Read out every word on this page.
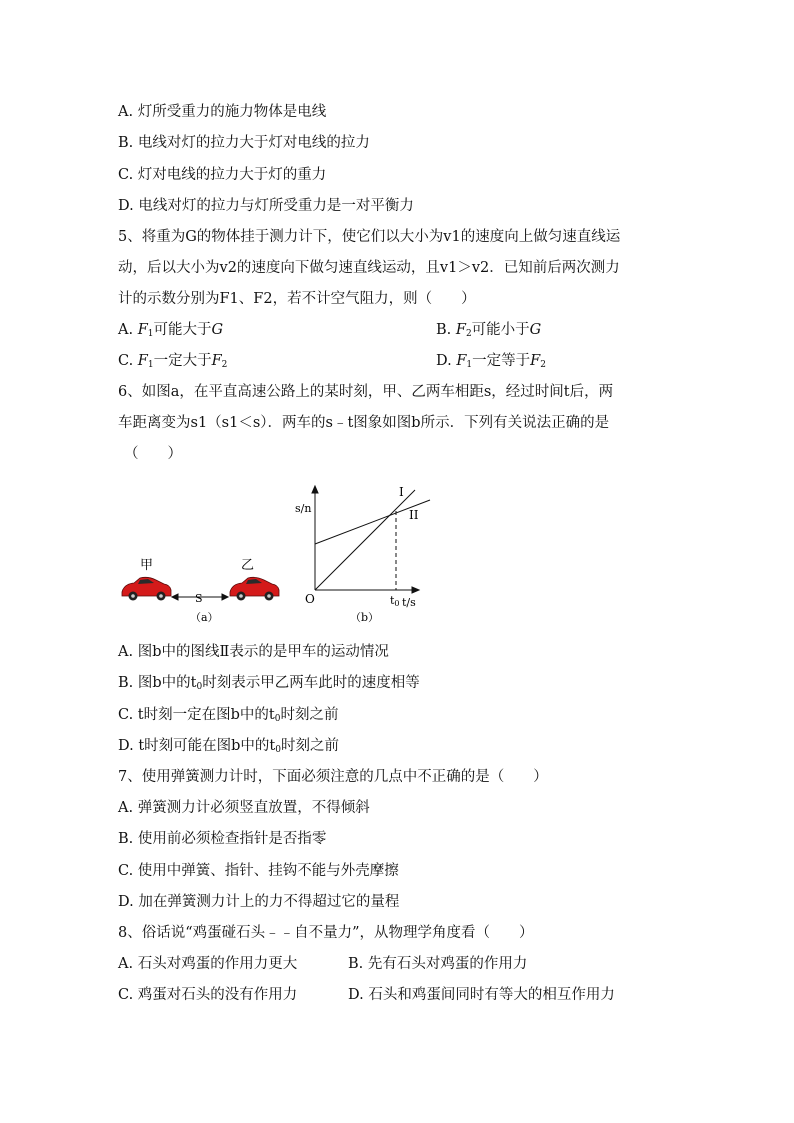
A. 灯所受重力的施力物体是电线
B. 电线对灯的拉力大于灯对电线的拉力
C. 灯对电线的拉力大于灯的重力
D. 电线对灯的拉力与灯所受重力是一对平衡力
5、将重为G的物体挂于测力计下，使它们以大小为v1的速度向上做匀速直线运
动，后以大小为v2的速度向下做匀速直线运动，且v1＞v2．已知前后两次测力
计的示数分别为F1、F2，若不计空气阻力，则（　　）
A. $F_1$可能大于G	B. $F_2$可能小于G
C. $F_1$一定大于$F_2$	D. $F_1$一定等于$F_2$
6、如图a，在平直高速公路上的某时刻，甲、乙两车相距s，经过时间t后，两
车距离变为s1（s1＜s）．两车的s﹣t图象如图b所示．下列有关说法正确的是
（　　）
甲	乙
S
（a）
s/n
t/s
O	t0
I
II
（b）
A. 图b中的图线Ⅱ表示的是甲车的运动情况
B. 图b中的$t_0$时刻表示甲乙两车此时的速度相等
C. t时刻一定在图b中的$t_0$时刻之前
D. t时刻可能在图b中的$t_0$时刻之前
7、使用弹簧测力计时，下面必须注意的几点中不正确的是（　　）
A. 弹簧测力计必须竖直放置，不得倾斜
B. 使用前必须检查指针是否指零
C. 使用中弹簧、指针、挂钩不能与外壳摩擦
D. 加在弹簧测力计上的力不得超过它的量程
8、俗话说“鸡蛋碰石头﹣﹣自不量力”，从物理学角度看（　　）
A. 石头对鸡蛋的作用力更大	B. 先有石头对鸡蛋的作用力
C. 鸡蛋对石头的没有作用力	D. 石头和鸡蛋间同时有等大的相互作用力
